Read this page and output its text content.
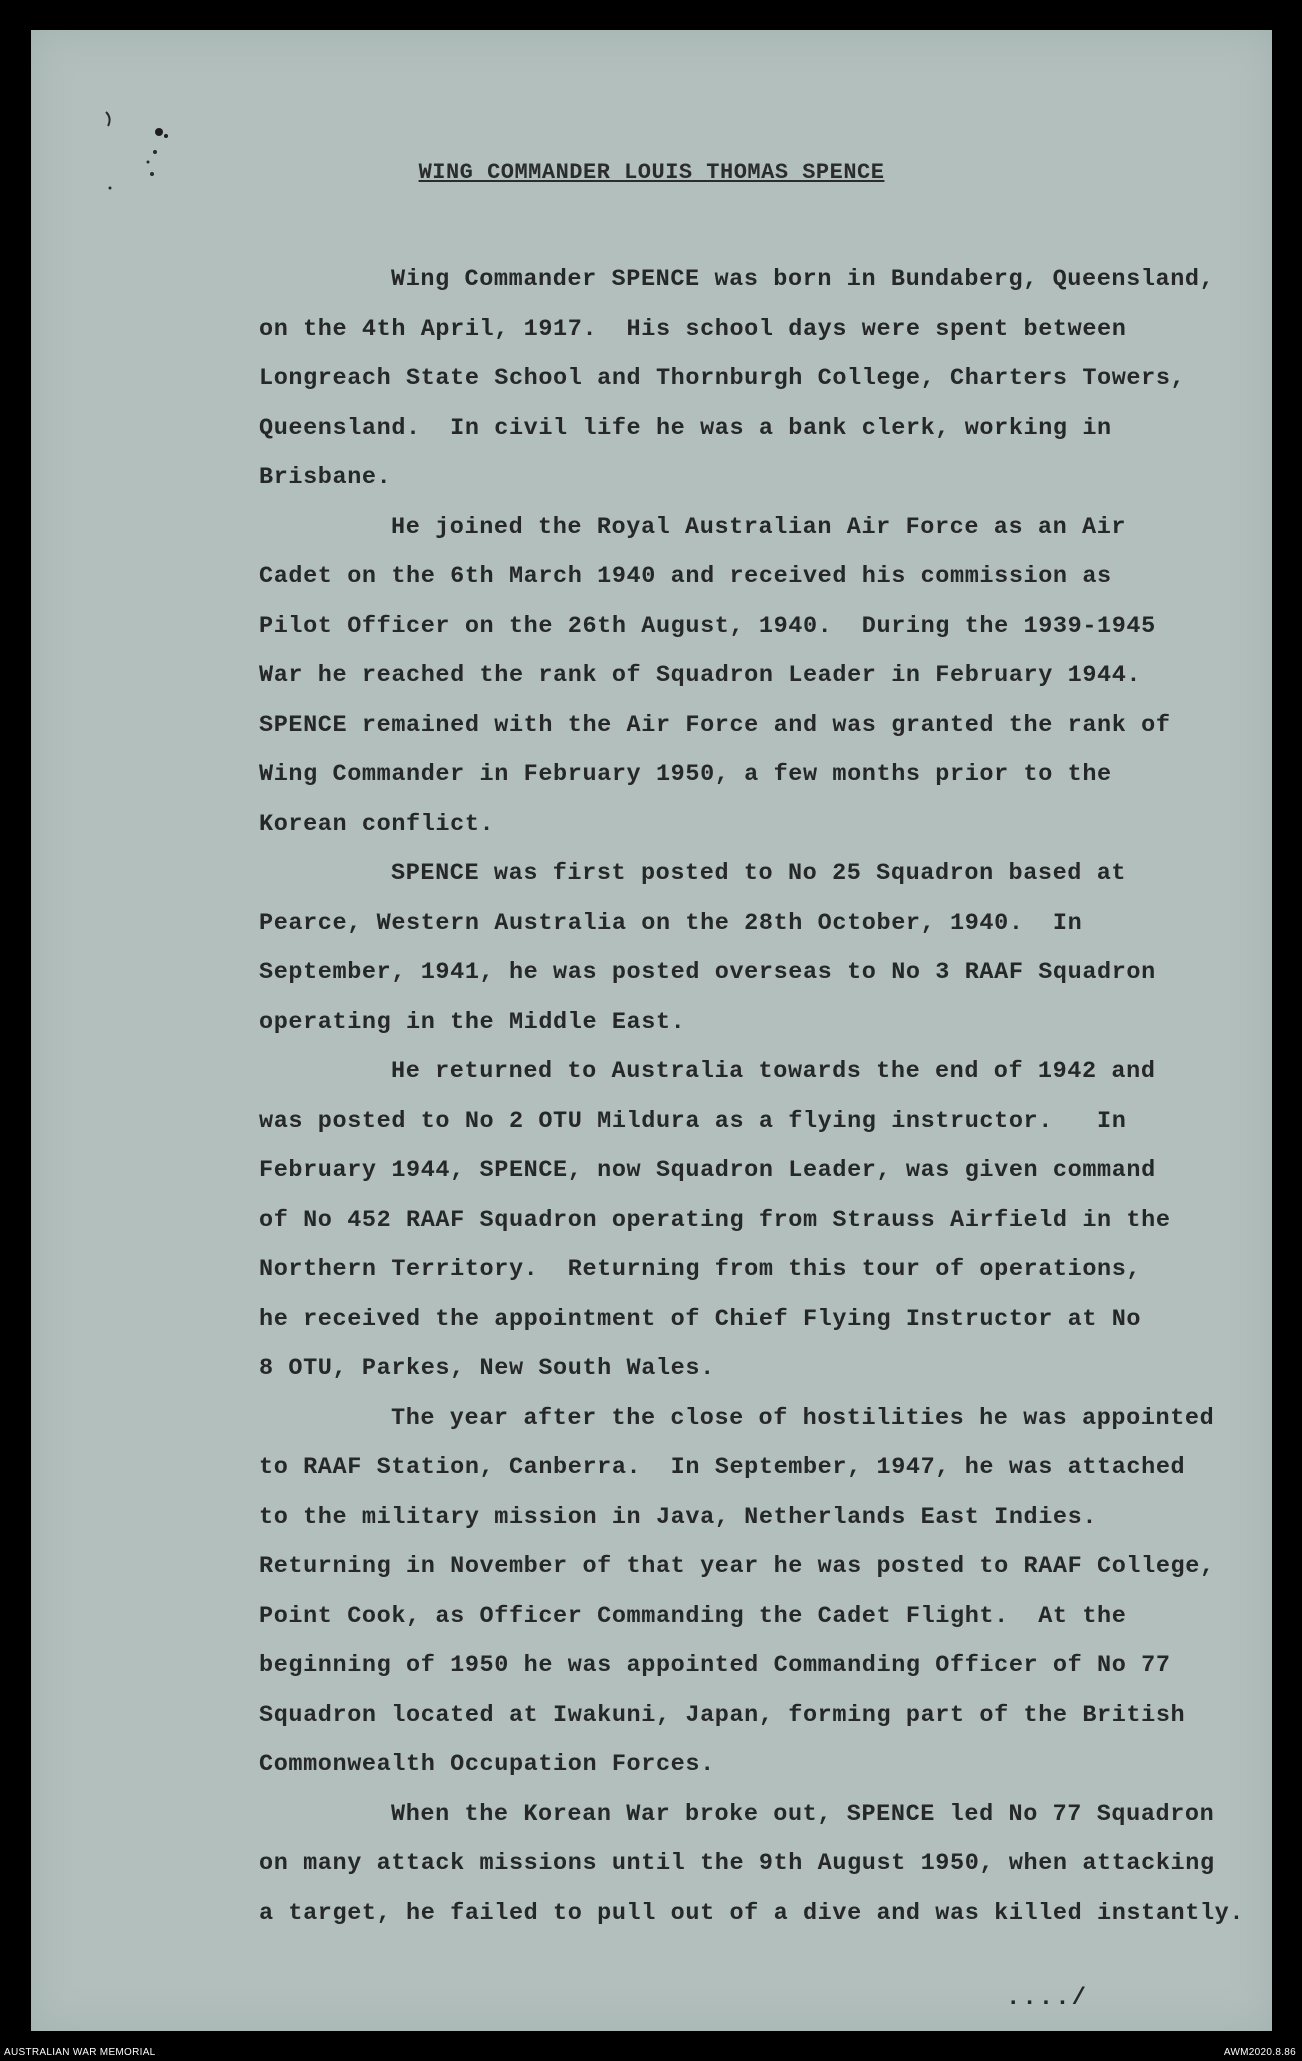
WING COMMANDER LOUIS THOMAS SPENCE
Wing Commander SPENCE was born in Bundaberg, Queensland,
on the 4th April, 1917.  His school days were spent between
Longreach State School and Thornburgh College, Charters Towers,
Queensland.  In civil life he was a bank clerk, working in
Brisbane.
He joined the Royal Australian Air Force as an Air
Cadet on the 6th March 1940 and received his commission as
Pilot Officer on the 26th August, 1940.  During the 1939-1945
War he reached the rank of Squadron Leader in February 1944.
SPENCE remained with the Air Force and was granted the rank of
Wing Commander in February 1950, a few months prior to the
Korean conflict.
SPENCE was first posted to No 25 Squadron based at
Pearce, Western Australia on the 28th October, 1940.  In
September, 1941, he was posted overseas to No 3 RAAF Squadron
operating in the Middle East.
He returned to Australia towards the end of 1942 and
was posted to No 2 OTU Mildura as a flying instructor.   In
February 1944, SPENCE, now Squadron Leader, was given command
of No 452 RAAF Squadron operating from Strauss Airfield in the
Northern Territory.  Returning from this tour of operations,
he received the appointment of Chief Flying Instructor at No
8 OTU, Parkes, New South Wales.
The year after the close of hostilities he was appointed
to RAAF Station, Canberra.  In September, 1947, he was attached
to the military mission in Java, Netherlands East Indies.
Returning in November of that year he was posted to RAAF College,
Point Cook, as Officer Commanding the Cadet Flight.  At the
beginning of 1950 he was appointed Commanding Officer of No 77
Squadron located at Iwakuni, Japan, forming part of the British
Commonwealth Occupation Forces.
When the Korean War broke out, SPENCE led No 77 Squadron
on many attack missions until the 9th August 1950, when attacking
a target, he failed to pull out of a dive and was killed instantly.
..../
AUSTRALIAN WAR MEMORIAL	AWM2020.8.86
